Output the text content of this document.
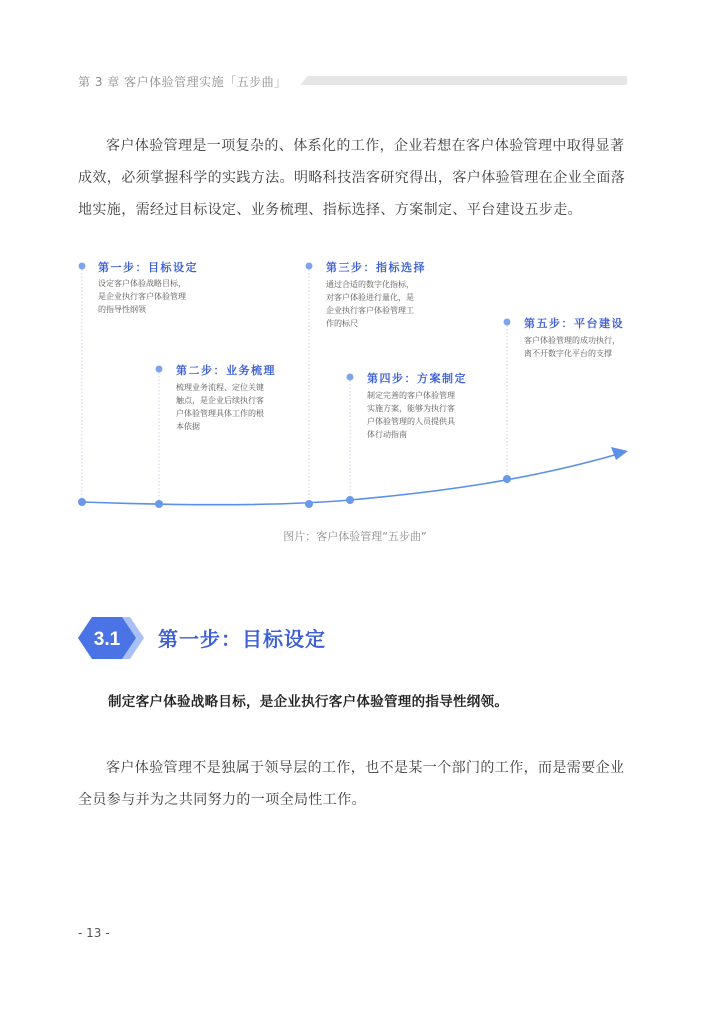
第 3 章 客户体验管理实施「五步曲」
客户体验管理是一项复杂的、体系化的工作，企业若想在客户体验管理中取得显著成效，必须掌握科学的实践方法。明略科技浩客研究得出，客户体验管理在企业全面落地实施，需经过目标设定、业务梳理、指标选择、方案制定、平台建设五步走。
第一步：目标设定
设定客户体验战略目标，
是企业执行客户体验管理
的指导性纲领
第二步：业务梳理
梳理业务流程、定位关键
触点，是企业后续执行客
户体验管理具体工作的根
本依据
第三步：指标选择
通过合适的数字化指标，
对客户体验进行量化，是
企业执行客户体验管理工
作的标尺
第四步：方案制定
制定完善的客户体验管理
实施方案，能够为执行客
户体验管理的人员提供具
体行动指南
第五步：平台建设
客户体验管理的成功执行，
离不开数字化平台的支撑
图片：客户体验管理“五步曲”
3.1 第一步：目标设定
制定客户体验战略目标，是企业执行客户体验管理的指导性纲领。
客户体验管理不是独属于领导层的工作，也不是某一个部门的工作，而是需要企业全员参与并为之共同努力的一项全局性工作。
- 13 -
